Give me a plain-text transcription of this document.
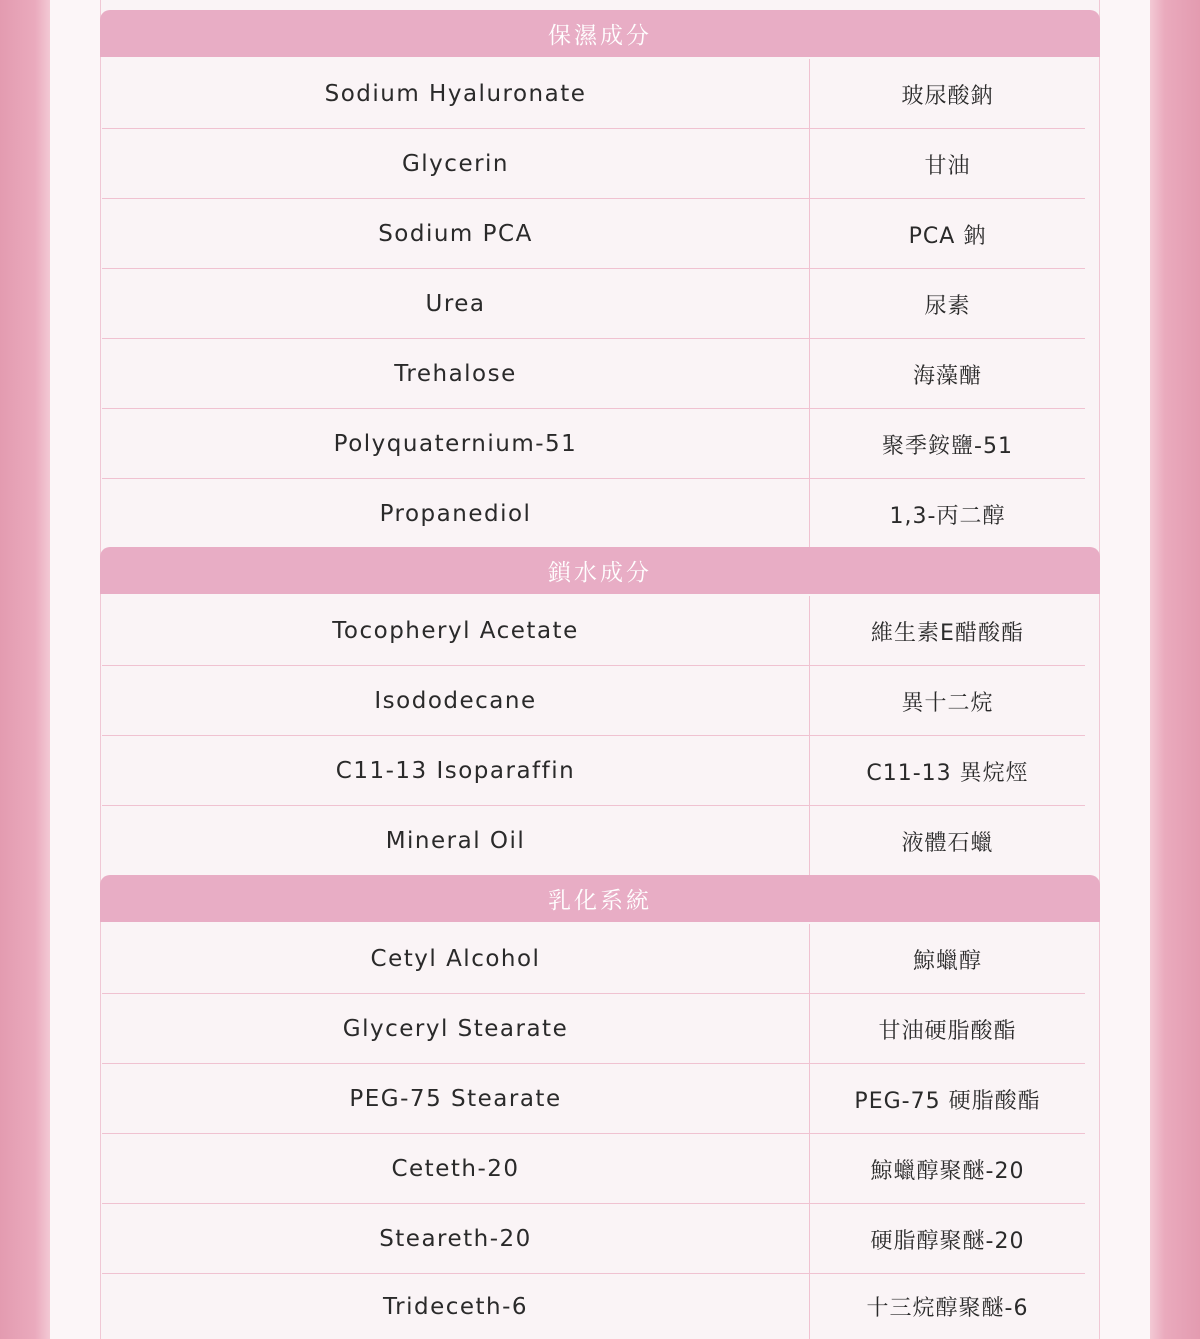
保濕成分
Sodium Hyaluronate	玻尿酸鈉
Glycerin	甘油
Sodium PCA	PCA 鈉
Urea	尿素
Trehalose	海藻醣
Polyquaternium-51	聚季銨鹽-51
Propanediol	1,3-丙二醇
鎖水成分
Tocopheryl Acetate	維生素E醋酸酯
Isododecane	異十二烷
C11-13 Isoparaffin	C11-13 異烷烴
Mineral Oil	液體石蠟
乳化系統
Cetyl Alcohol	鯨蠟醇
Glyceryl Stearate	甘油硬脂酸酯
PEG-75 Stearate	PEG-75 硬脂酸酯
Ceteth-20	鯨蠟醇聚醚-20
Steareth-20	硬脂醇聚醚-20
Trideceth-6	十三烷醇聚醚-6
